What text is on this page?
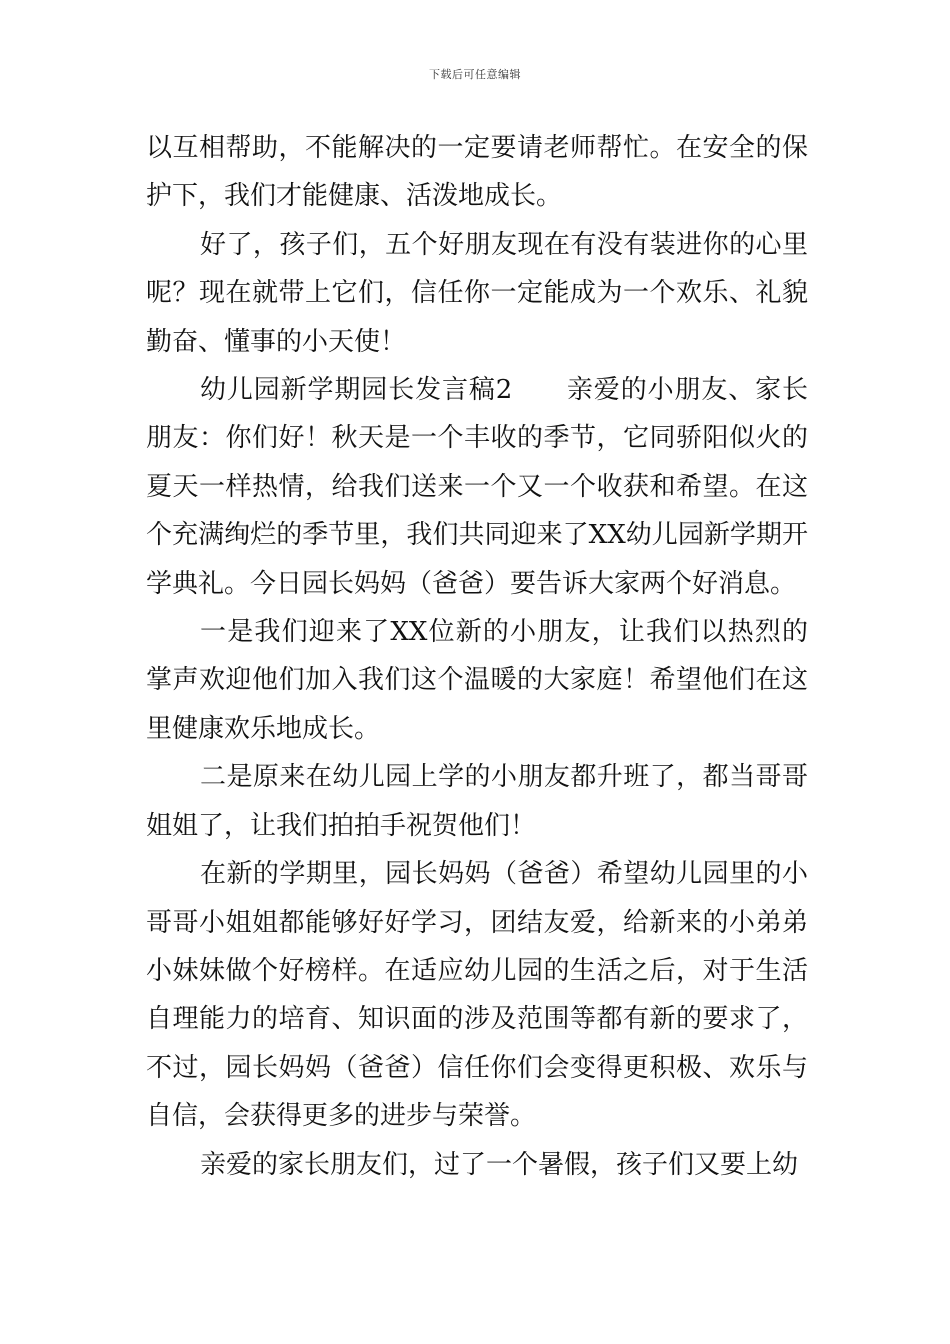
下载后可任意编辑

以互相帮助，不能解决的一定要请老师帮忙。在安全的保护下，我们才能健康、活泼地成长。

好了，孩子们，五个好朋友现在有没有装进你的心里呢？现在就带上它们，信任你一定能成为一个欢乐、礼貌勤奋、懂事的小天使！

幼儿园新学期园长发言稿2　　亲爱的小朋友、家长朋友：你们好！秋天是一个丰收的季节，它同骄阳似火的夏天一样热情，给我们送来一个又一个收获和希望。在这个充满绚烂的季节里，我们共同迎来了XX幼儿园新学期开学典礼。今日园长妈妈（爸爸）要告诉大家两个好消息。

一是我们迎来了XX位新的小朋友，让我们以热烈的掌声欢迎他们加入我们这个温暖的大家庭！希望他们在这里健康欢乐地成长。

二是原来在幼儿园上学的小朋友都升班了，都当哥哥姐姐了，让我们拍拍手祝贺他们！

在新的学期里，园长妈妈（爸爸）希望幼儿园里的小哥哥小姐姐都能够好好学习，团结友爱，给新来的小弟弟小妹妹做个好榜样。在适应幼儿园的生活之后，对于生活自理能力的培育、知识面的涉及范围等都有新的要求了，不过，园长妈妈（爸爸）信任你们会变得更积极、欢乐与自信，会获得更多的进步与荣誉。

亲爱的家长朋友们，过了一个暑假，孩子们又要上幼
